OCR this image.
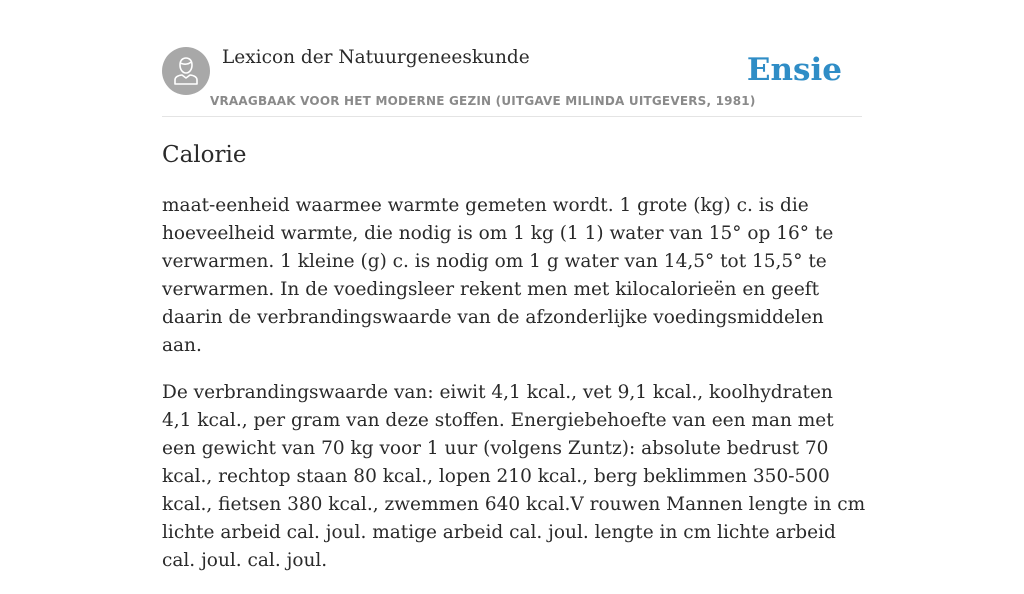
Lexicon der Natuurgeneeskunde
VRAAGBAAK VOOR HET MODERNE GEZIN (UITGAVE MILINDA UITGEVERS, 1981)
Ensie
Calorie

maat-eenheid waarmee warmte gemeten wordt. 1 grote (kg) c. is die hoeveelheid warmte, die nodig is om 1 kg (1 1) water van 15° op 16° te verwarmen. 1 kleine (g) c. is nodig om 1 g water van 14,5° tot 15,5° te verwarmen. In de voedingsleer rekent men met kilocalorieën en geeft daarin de verbrandingswaarde van de afzonderlijke voedingsmiddelen aan.

De verbrandingswaarde van: eiwit 4,1 kcal., vet 9,1 kcal., koolhydraten 4,1 kcal., per gram van deze stoffen. Energiebehoefte van een man met een gewicht van 70 kg voor 1 uur (volgens Zuntz): absolute bedrust 70 kcal., rechtop staan 80 kcal., lopen 210 kcal., berg beklimmen 350-500 kcal., fietsen 380 kcal., zwemmen 640 kcal.V rouwen Mannen lengte in cm lichte arbeid cal. joul. matige arbeid cal. joul. lengte in cm lichte arbeid cal. joul. cal. joul.
